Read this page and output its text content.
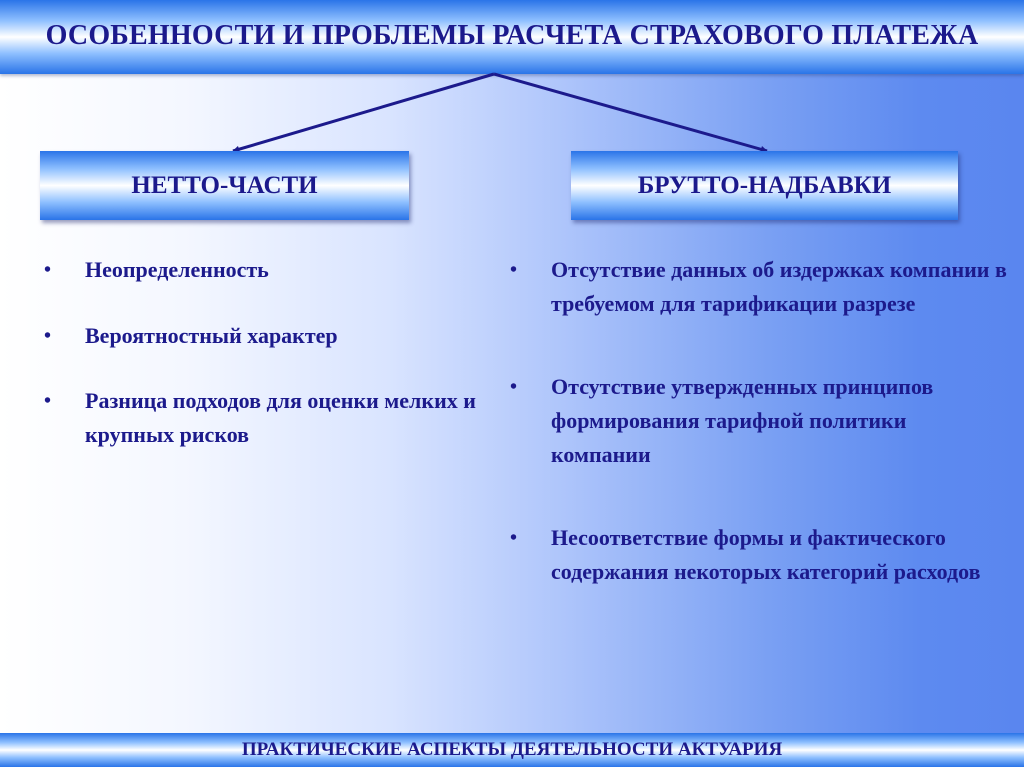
ОСОБЕННОСТИ И ПРОБЛЕМЫ РАСЧЕТА СТРАХОВОГО ПЛАТЕЖА
НЕТТО-ЧАСТИ	БРУТТО-НАДБАВКИ
• Неопределенность
• Вероятностный характер
• Разница подходов для оценки мелких и крупных рисков
• Отсутствие данных об издержках компании в требуемом для тарификации разрезе
• Отсутствие утвержденных принципов формирования тарифной политики компании
• Несоответствие формы и фактического содержания некоторых категорий расходов
ПРАКТИЧЕСКИЕ АСПЕКТЫ ДЕЯТЕЛЬНОСТИ АКТУАРИЯ
